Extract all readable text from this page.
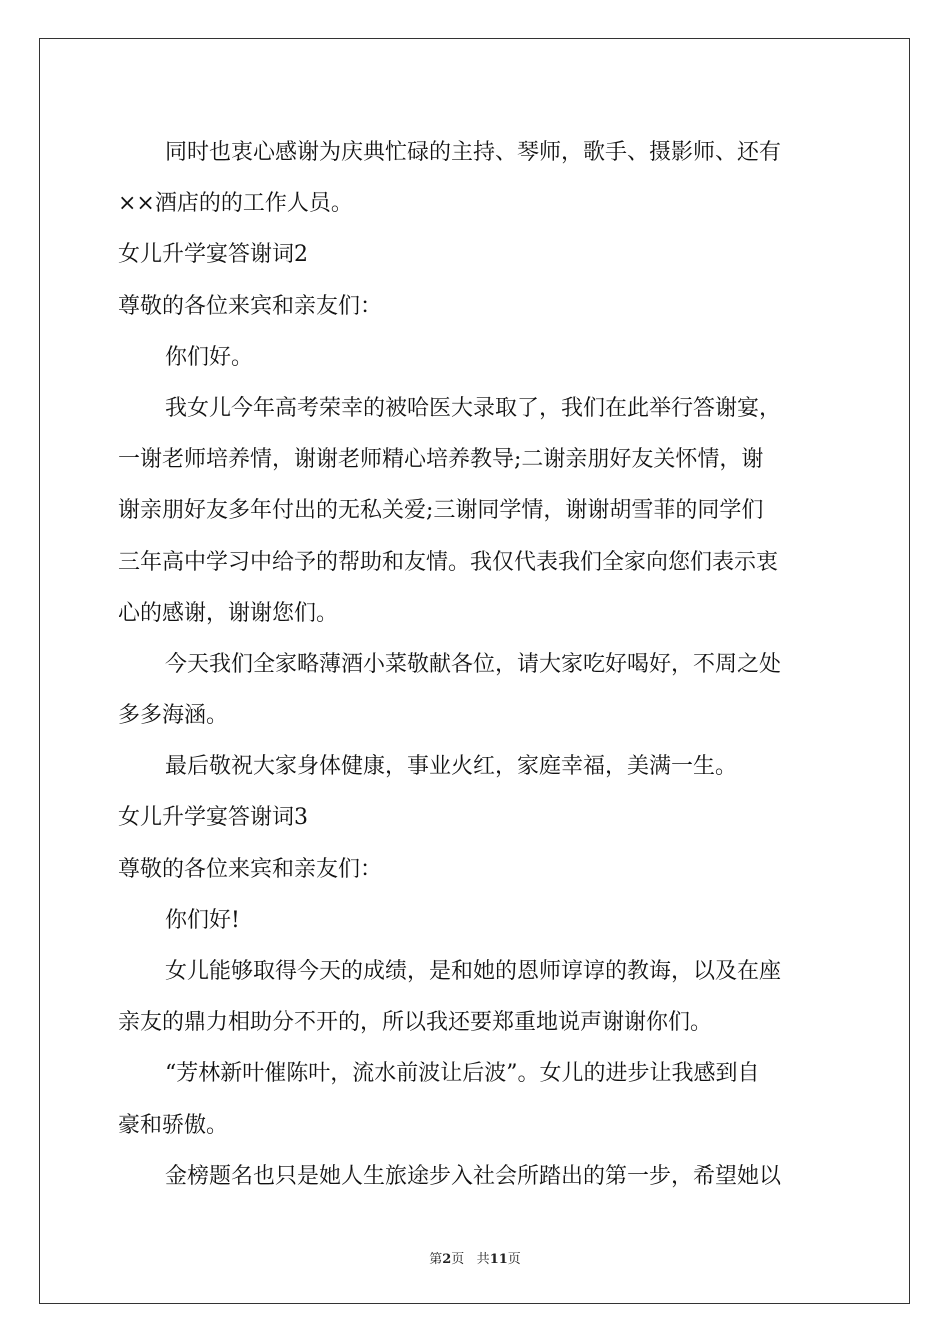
同时也衷心感谢为庆典忙碌的主持、琴师，歌手、摄影师、还有
××酒店的的工作人员。
女儿升学宴答谢词2
尊敬的各位来宾和亲友们：
你们好。
我女儿今年高考荣幸的被哈医大录取了，我们在此举行答谢宴，
一谢老师培养情，谢谢老师精心培养教导;二谢亲朋好友关怀情，谢
谢亲朋好友多年付出的无私关爱;三谢同学情，谢谢胡雪菲的同学们
三年高中学习中给予的帮助和友情。我仅代表我们全家向您们表示衷
心的感谢，谢谢您们。
今天我们全家略薄酒小菜敬献各位，请大家吃好喝好，不周之处
多多海涵。
最后敬祝大家身体健康，事业火红，家庭幸福，美满一生。
女儿升学宴答谢词3
尊敬的各位来宾和亲友们：
你们好!
女儿能够取得今天的成绩，是和她的恩师谆谆的教诲，以及在座
亲友的鼎力相助分不开的，所以我还要郑重地说声谢谢你们。
“芳林新叶催陈叶，流水前波让后波”。女儿的进步让我感到自
豪和骄傲。
金榜题名也只是她人生旅途步入社会所踏出的第一步，希望她以
第2页 共11页
